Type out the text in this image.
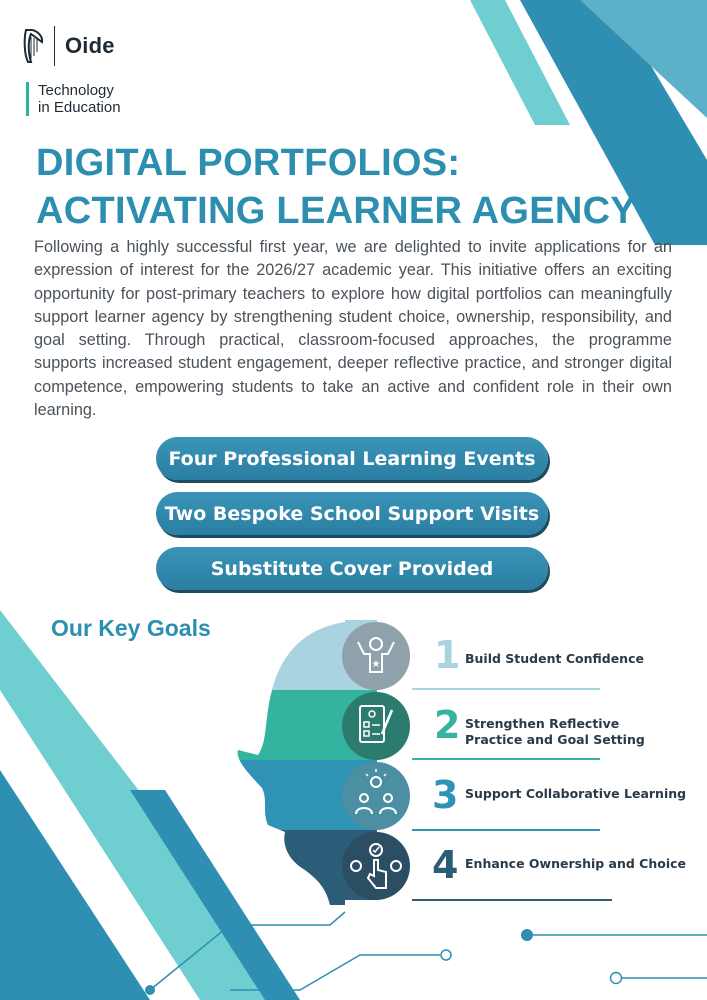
Oide
Technology
in Education
DIGITAL PORTFOLIOS:
ACTIVATING LEARNER AGENCY
Following a highly successful first year, we are delighted to invite applications for an expression of interest for the 2026/27 academic year. This initiative offers an exciting opportunity for post-primary teachers to explore how digital portfolios can meaningfully support learner agency by strengthening student choice, ownership, responsibility, and goal setting. Through practical, classroom-focused approaches, the programme supports increased student engagement, deeper reflective practice, and stronger digital competence, empowering students to take an active and confident role in their own learning.
Four Professional Learning Events
Two Bespoke School Support Visits
Substitute Cover Provided
Our Key Goals
★ 1 Build Student Confidence
2 Strengthen Reflective
Practice and Goal Setting
3 Support Collaborative Learning
4 Enhance Ownership and Choice
